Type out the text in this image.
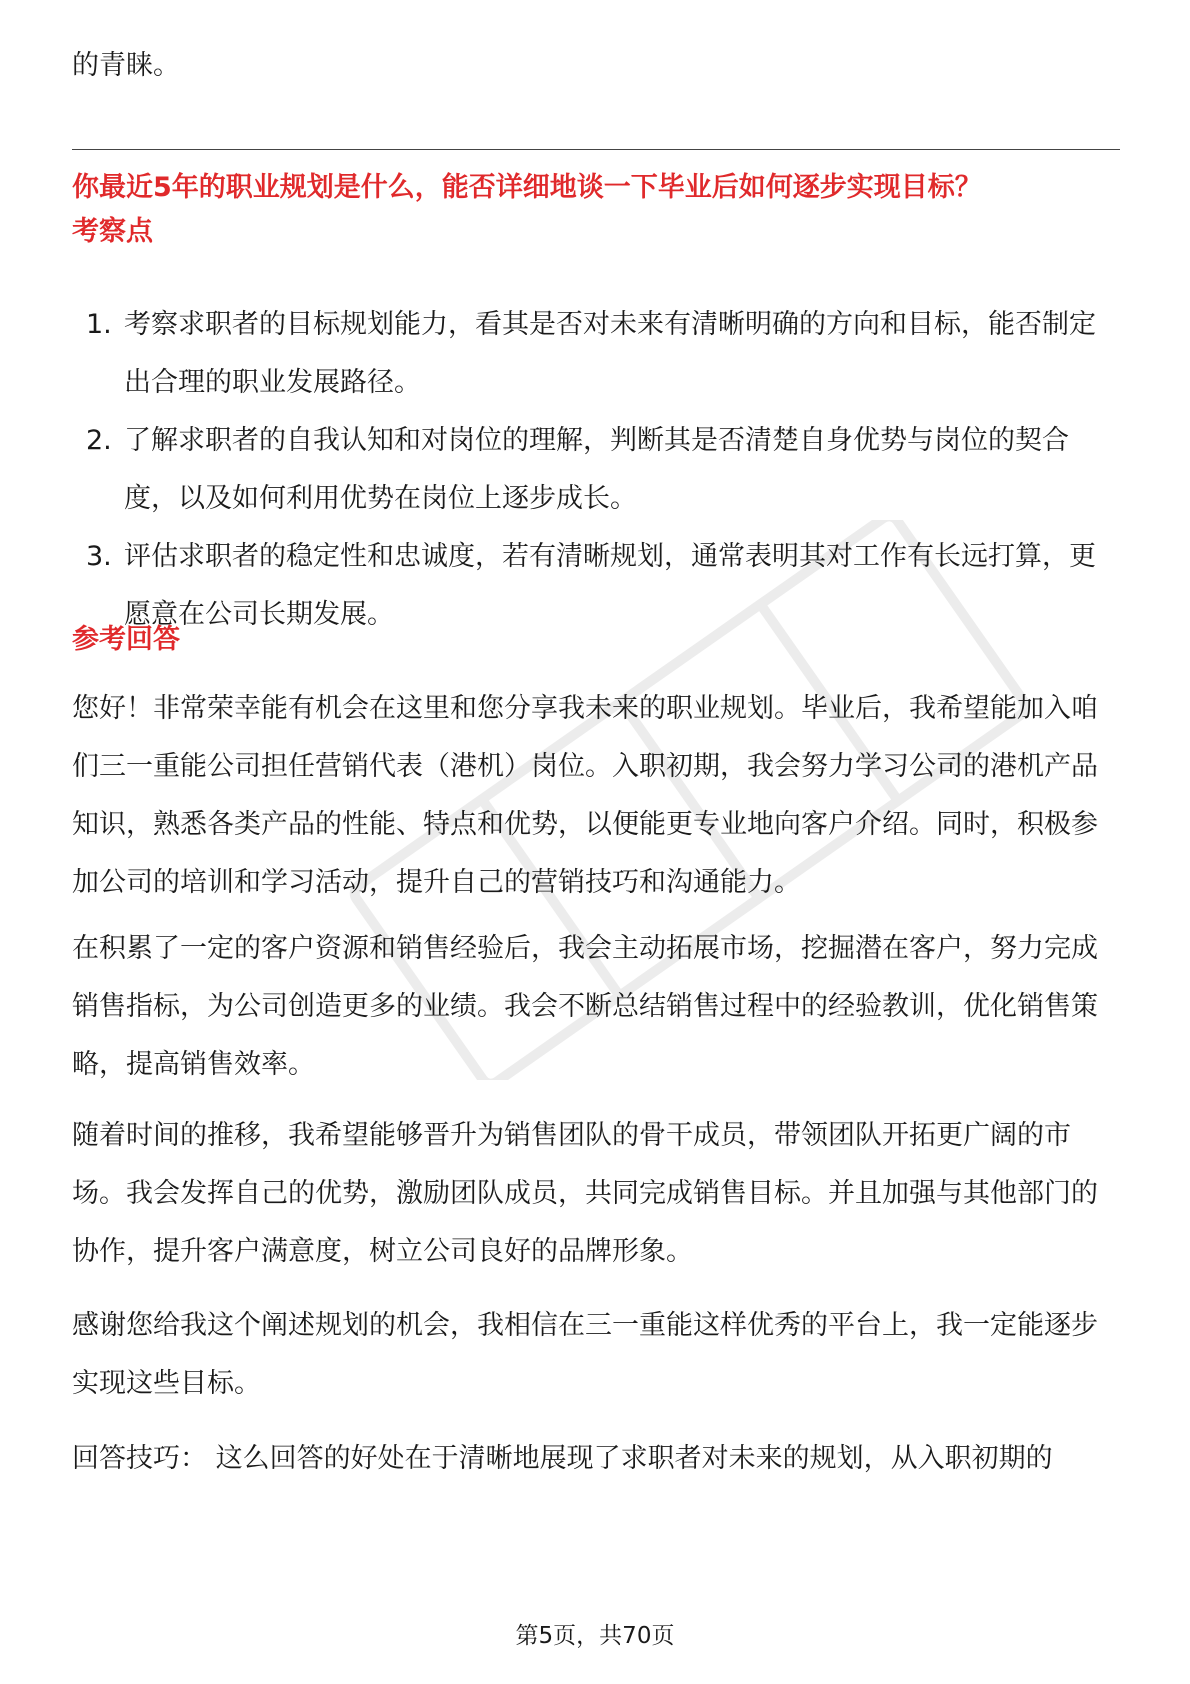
的青睐。
你最近5年的职业规划是什么，能否详细地谈一下毕业后如何逐步实现目标？
考察点
1. 考察求职者的目标规划能力，看其是否对未来有清晰明确的方向和目标，能否制定出合理的职业发展路径。
2. 了解求职者的自我认知和对岗位的理解，判断其是否清楚自身优势与岗位的契合度，以及如何利用优势在岗位上逐步成长。
3. 评估求职者的稳定性和忠诚度，若有清晰规划，通常表明其对工作有长远打算，更愿意在公司长期发展。
参考回答
您好！非常荣幸能有机会在这里和您分享我未来的职业规划。毕业后，我希望能加入咱们三一重能公司担任营销代表（港机）岗位。入职初期，我会努力学习公司的港机产品知识，熟悉各类产品的性能、特点和优势，以便能更专业地向客户介绍。同时，积极参加公司的培训和学习活动，提升自己的营销技巧和沟通能力。
在积累了一定的客户资源和销售经验后，我会主动拓展市场，挖掘潜在客户，努力完成销售指标，为公司创造更多的业绩。我会不断总结销售过程中的经验教训，优化销售策略，提高销售效率。
随着时间的推移，我希望能够晋升为销售团队的骨干成员，带领团队开拓更广阔的市场。我会发挥自己的优势，激励团队成员，共同完成销售目标。并且加强与其他部门的协作，提升客户满意度，树立公司良好的品牌形象。
感谢您给我这个阐述规划的机会，我相信在三一重能这样优秀的平台上，我一定能逐步实现这些目标。
回答技巧： 这么回答的好处在于清晰地展现了求职者对未来的规划，从入职初期的
第5页，共70页
